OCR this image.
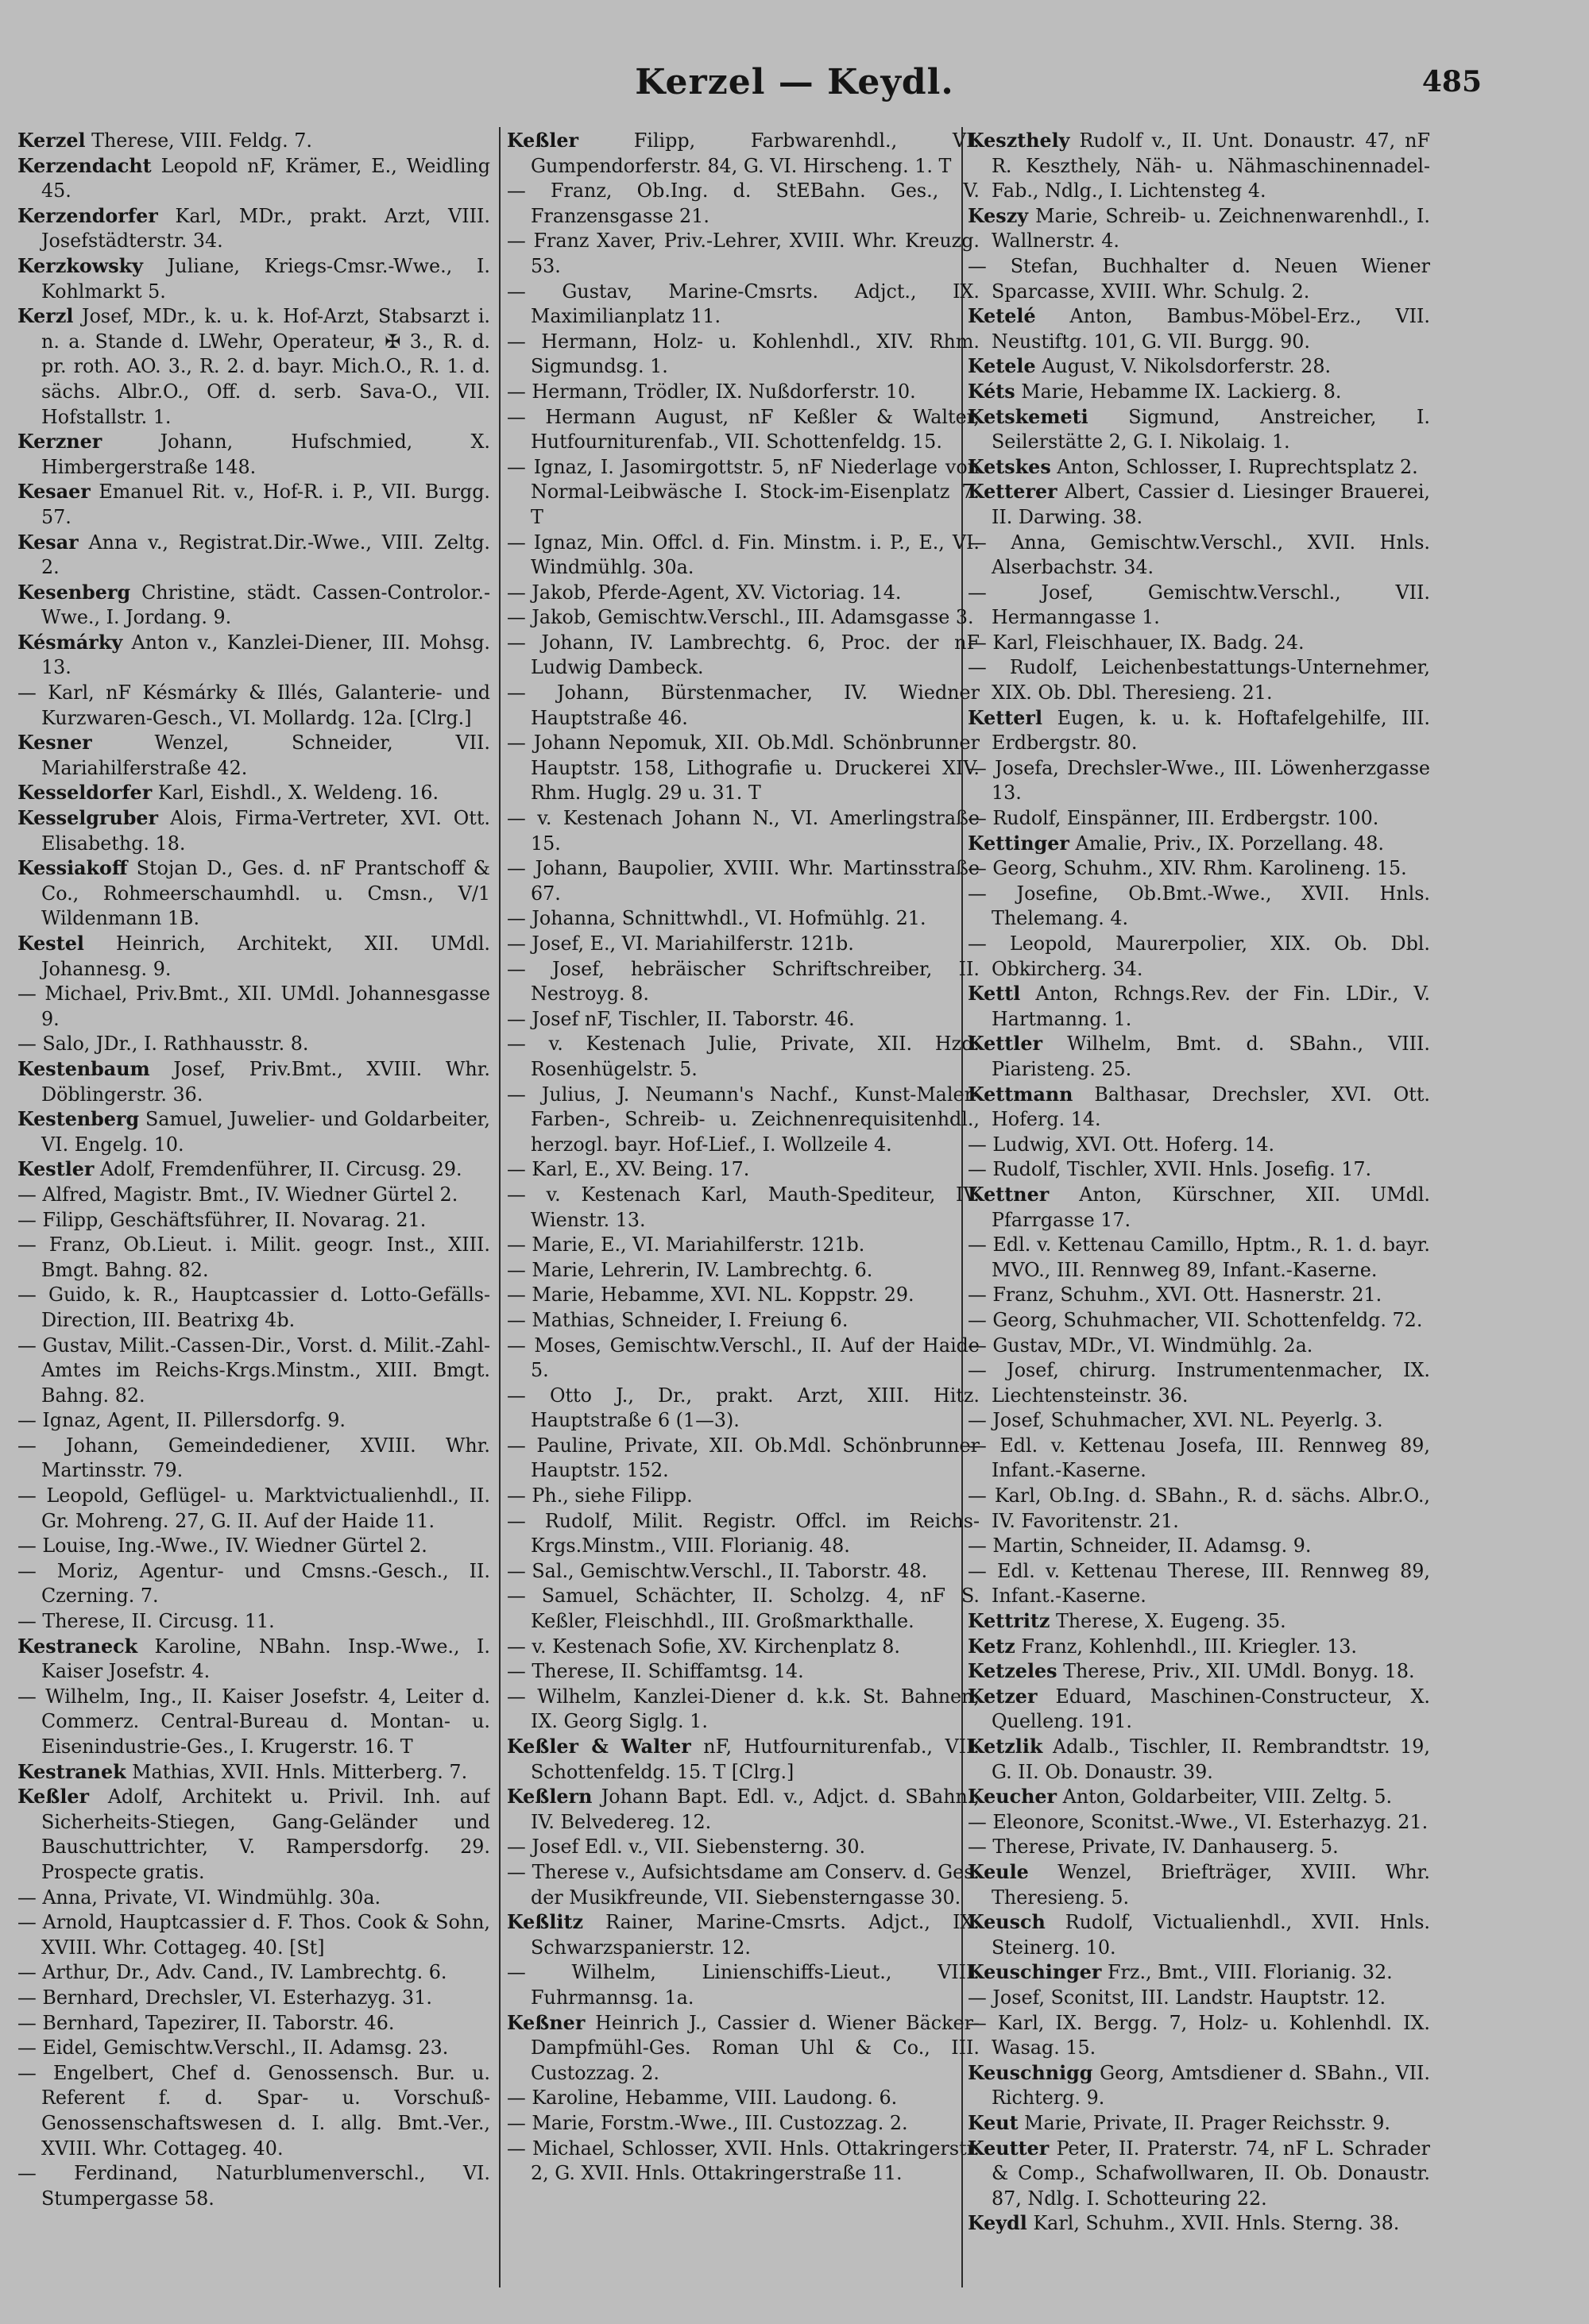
Kerzel — Keydl.	485

Kerzel Therese, VIII. Feldg. 7.

Kerzendacht Leopold nF, Krämer, E., Weidling 45.

Kerzendorfer Karl, MDr., prakt. Arzt, VIII. Josefstädterstr. 34.

Kerzkowsky Juliane, Kriegs-Cmsr.-Wwe., I. Kohlmarkt 5.

Kerzl Josef, MDr., k. u. k. Hof-Arzt, Stabsarzt i. n. a. Stande d. LWehr, Operateur, ✠ 3., R. d. pr. roth. AO. 3., R. 2. d. bayr. Mich.O., R. 1. d. sächs. Albr.O., Off. d. serb. Sava-O., VII. Hofstallstr. 1.

Kerzner Johann, Hufschmied, X. Himbergerstraße 148.

Kesaer Emanuel Rit. v., Hof-R. i. P., VII. Burgg. 57.

Kesar Anna v., Registrat.Dir.-Wwe., VIII. Zeltg. 2.

Kesenberg Christine, städt. Cassen-Controlor.-Wwe., I. Jordang. 9.

Késmárky Anton v., Kanzlei-Diener, III. Mohsg. 13.

— Karl, nF Késmárky & Illés, Galanterie- und Kurzwaren-Gesch., VI. Mollardg. 12a. [Clrg.]

Kesner Wenzel, Schneider, VII. Mariahilferstraße 42.

Kesseldorfer Karl, Eishdl., X. Weldeng. 16.

Kesselgruber Alois, Firma-Vertreter, XVI. Ott. Elisabethg. 18.

Kessiakoff Stojan D., Ges. d. nF Prantschoff & Co., Rohmeerschaumhdl. u. Cmsn., V/1 Wildenmann 1B.

Kestel Heinrich, Architekt, XII. UMdl. Johannesg. 9.

— Michael, Priv.Bmt., XII. UMdl. Johannesgasse 9.

— Salo, JDr., I. Rathhausstr. 8.

Kestenbaum Josef, Priv.Bmt., XVIII. Whr. Döblingerstr. 36.

Kestenberg Samuel, Juwelier- und Goldarbeiter, VI. Engelg. 10.

Kestler Adolf, Fremdenführer, II. Circusg. 29.

— Alfred, Magistr. Bmt., IV. Wiedner Gürtel 2.

— Filipp, Geschäftsführer, II. Novarag. 21.

— Franz, Ob.Lieut. i. Milit. geogr. Inst., XIII. Bmgt. Bahng. 82.

— Guido, k. R., Hauptcassier d. Lotto-Gefälls-Direction, III. Beatrixg 4b.

— Gustav, Milit.-Cassen-Dir., Vorst. d. Milit.-Zahl-Amtes im Reichs-Krgs.Minstm., XIII. Bmgt. Bahng. 82.

— Ignaz, Agent, II. Pillersdorfg. 9.

— Johann, Gemeindediener, XVIII. Whr. Martinsstr. 79.

— Leopold, Geflügel- u. Marktvictualienhdl., II. Gr. Mohreng. 27, G. II. Auf der Haide 11.

— Louise, Ing.-Wwe., IV. Wiedner Gürtel 2.

— Moriz, Agentur- und Cmsns.-Gesch., II. Czerning. 7.

— Therese, II. Circusg. 11.

Kestraneck Karoline, NBahn. Insp.-Wwe., I. Kaiser Josefstr. 4.

— Wilhelm, Ing., II. Kaiser Josefstr. 4, Leiter d. Commerz. Central-Bureau d. Montan- u. Eisenindustrie-Ges., I. Krugerstr. 16. T

Kestranek Mathias, XVII. Hnls. Mitterberg. 7.

Keßler Adolf, Architekt u. Privil. Inh. auf Sicherheits-Stiegen, Gang-Geländer und Bauschuttrichter, V. Rampersdorfg. 29. Prospecte gratis.

— Anna, Private, VI. Windmühlg. 30a.

— Arnold, Hauptcassier d. F. Thos. Cook & Sohn, XVIII. Whr. Cottageg. 40. [St]

— Arthur, Dr., Adv. Cand., IV. Lambrechtg. 6.

— Bernhard, Drechsler, VI. Esterhazyg. 31.

— Bernhard, Tapezirer, II. Taborstr. 46.

— Eidel, Gemischtw.Verschl., II. Adamsg. 23.

— Engelbert, Chef d. Genossensch. Bur. u. Referent f. d. Spar- u. Vorschuß-Genossenschaftswesen d. I. allg. Bmt.-Ver., XVIII. Whr. Cottageg. 40.

— Ferdinand, Naturblumenverschl., VI. Stumpergasse 58.

Keßler Filipp, Farbwarenhdl., VI. Gumpendorferstr. 84, G. VI. Hirscheng. 1. T

— Franz, Ob.Ing. d. StEBahn. Ges., V. Franzensgasse 21.

— Franz Xaver, Priv.-Lehrer, XVIII. Whr. Kreuzg. 53.

— Gustav, Marine-Cmsrts. Adjct., IX. Maximilianplatz 11.

— Hermann, Holz- u. Kohlenhdl., XIV. Rhm. Sigmundsg. 1.

— Hermann, Trödler, IX. Nußdorferstr. 10.

— Hermann August, nF Keßler & Walter, Hutfourniturenfab., VII. Schottenfeldg. 15.

— Ignaz, I. Jasomirgottstr. 5, nF Niederlage von Normal-Leibwäsche I. Stock-im-Eisenplatz 7. T

— Ignaz, Min. Offcl. d. Fin. Minstm. i. P., E., VI. Windmühlg. 30a.

— Jakob, Pferde-Agent, XV. Victoriag. 14.

— Jakob, Gemischtw.Verschl., III. Adamsgasse 3.

— Johann, IV. Lambrechtg. 6, Proc. der nF Ludwig Dambeck.

— Johann, Bürstenmacher, IV. Wiedner Hauptstraße 46.

— Johann Nepomuk, XII. Ob.Mdl. Schönbrunner Hauptstr. 158, Lithografie u. Druckerei XIV. Rhm. Huglg. 29 u. 31. T

— v. Kestenach Johann N., VI. Amerlingstraße 15.

— Johann, Baupolier, XVIII. Whr. Martinsstraße 67.

— Johanna, Schnittwhdl., VI. Hofmühlg. 21.

— Josef, E., VI. Mariahilferstr. 121b.

— Josef, hebräischer Schriftschreiber, II. Nestroyg. 8.

— Josef nF, Tischler, II. Taborstr. 46.

— v. Kestenach Julie, Private, XII. Hzd. Rosenhügelstr. 5.

— Julius, J. Neumann's Nachf., Kunst-Maler-Farben-, Schreib- u. Zeichnenrequisitenhdl., herzogl. bayr. Hof-Lief., I. Wollzeile 4.

— Karl, E., XV. Being. 17.

— v. Kestenach Karl, Mauth-Spediteur, IV. Wienstr. 13.

— Marie, E., VI. Mariahilferstr. 121b.

— Marie, Lehrerin, IV. Lambrechtg. 6.

— Marie, Hebamme, XVI. NL. Koppstr. 29.

— Mathias, Schneider, I. Freiung 6.

— Moses, Gemischtw.Verschl., II. Auf der Haide 5.

— Otto J., Dr., prakt. Arzt, XIII. Hitz. Hauptstraße 6 (1—3).

— Pauline, Private, XII. Ob.Mdl. Schönbrunner Hauptstr. 152.

— Ph., siehe Filipp.

— Rudolf, Milit. Registr. Offcl. im Reichs-Krgs.Minstm., VIII. Florianig. 48.

— Sal., Gemischtw.Verschl., II. Taborstr. 48.

— Samuel, Schächter, II. Scholzg. 4, nF S. Keßler, Fleischhdl., III. Großmarkthalle.

— v. Kestenach Sofie, XV. Kirchenplatz 8.

— Therese, II. Schiffamtsg. 14.

— Wilhelm, Kanzlei-Diener d. k.k. St. Bahnen, IX. Georg Siglg. 1.

Keßler & Walter nF, Hutfourniturenfab., VII. Schottenfeldg. 15. T [Clrg.]

Keßlern Johann Bapt. Edl. v., Adjct. d. SBahn., IV. Belvedereg. 12.

— Josef Edl. v., VII. Siebensterng. 30.

— Therese v., Aufsichtsdame am Conserv. d. Ges. der Musikfreunde, VII. Siebensterngasse 30.

Keßlitz Rainer, Marine-Cmsrts. Adjct., IX. Schwarzspanierstr. 12.

— Wilhelm, Linienschiffs-Lieut., VIII. Fuhrmannsg. 1a.

Keßner Heinrich J., Cassier d. Wiener Bäcker-Dampfmühl-Ges. Roman Uhl & Co., III. Custozzag. 2.

— Karoline, Hebamme, VIII. Laudong. 6.

— Marie, Forstm.-Wwe., III. Custozzag. 2.

— Michael, Schlosser, XVII. Hnls. Ottakringerstr. 2, G. XVII. Hnls. Ottakringerstraße 11.

Keszthely Rudolf v., II. Unt. Donaustr. 47, nF R. Keszthely, Näh- u. Nähmaschinennadel-Fab., Ndlg., I. Lichtensteg 4.

Keszy Marie, Schreib- u. Zeichnenwarenhdl., I. Wallnerstr. 4.

— Stefan, Buchhalter d. Neuen Wiener Sparcasse, XVIII. Whr. Schulg. 2.

Ketelé Anton, Bambus-Möbel-Erz., VII. Neustiftg. 101, G. VII. Burgg. 90.

Ketele August, V. Nikolsdorferstr. 28.

Kéts Marie, Hebamme IX. Lackierg. 8.

Ketskemeti Sigmund, Anstreicher, I. Seilerstätte 2, G. I. Nikolaig. 1.

Ketskes Anton, Schlosser, I. Ruprechtsplatz 2.

Ketterer Albert, Cassier d. Liesinger Brauerei, II. Darwing. 38.

— Anna, Gemischtw.Verschl., XVII. Hnls. Alserbachstr. 34.

— Josef, Gemischtw.Verschl., VII. Hermanngasse 1.

— Karl, Fleischhauer, IX. Badg. 24.

— Rudolf, Leichenbestattungs-Unternehmer, XIX. Ob. Dbl. Theresieng. 21.

Ketterl Eugen, k. u. k. Hoftafelgehilfe, III. Erdbergstr. 80.

— Josefa, Drechsler-Wwe., III. Löwenherzgasse 13.

— Rudolf, Einspänner, III. Erdbergstr. 100.

Kettinger Amalie, Priv., IX. Porzellang. 48.

— Georg, Schuhm., XIV. Rhm. Karolineng. 15.

— Josefine, Ob.Bmt.-Wwe., XVII. Hnls. Thelemang. 4.

— Leopold, Maurerpolier, XIX. Ob. Dbl. Obkircherg. 34.

Kettl Anton, Rchngs.Rev. der Fin. LDir., V. Hartmanng. 1.

Kettler Wilhelm, Bmt. d. SBahn., VIII. Piaristeng. 25.

Kettmann Balthasar, Drechsler, XVI. Ott. Hoferg. 14.

— Ludwig, XVI. Ott. Hoferg. 14.

— Rudolf, Tischler, XVII. Hnls. Josefig. 17.

Kettner Anton, Kürschner, XII. UMdl. Pfarrgasse 17.

— Edl. v. Kettenau Camillo, Hptm., R. 1. d. bayr. MVO., III. Rennweg 89, Infant.-Kaserne.

— Franz, Schuhm., XVI. Ott. Hasnerstr. 21.

— Georg, Schuhmacher, VII. Schottenfeldg. 72.

— Gustav, MDr., VI. Windmühlg. 2a.

— Josef, chirurg. Instrumentenmacher, IX. Liechtensteinstr. 36.

— Josef, Schuhmacher, XVI. NL. Peyerlg. 3.

— Edl. v. Kettenau Josefa, III. Rennweg 89, Infant.-Kaserne.

— Karl, Ob.Ing. d. SBahn., R. d. sächs. Albr.O., IV. Favoritenstr. 21.

— Martin, Schneider, II. Adamsg. 9.

— Edl. v. Kettenau Therese, III. Rennweg 89, Infant.-Kaserne.

Kettritz Therese, X. Eugeng. 35.

Ketz Franz, Kohlenhdl., III. Kriegler. 13.

Ketzeles Therese, Priv., XII. UMdl. Bonyg. 18.

Ketzer Eduard, Maschinen-Constructeur, X. Quelleng. 191.

Ketzlik Adalb., Tischler, II. Rembrandtstr. 19, G. II. Ob. Donaustr. 39.

Keucher Anton, Goldarbeiter, VIII. Zeltg. 5.

— Eleonore, Sconitst.-Wwe., VI. Esterhazyg. 21.

— Therese, Private, IV. Danhauserg. 5.

Keule Wenzel, Briefträger, XVIII. Whr. Theresieng. 5.

Keusch Rudolf, Victualienhdl., XVII. Hnls. Steinerg. 10.

Keuschinger Frz., Bmt., VIII. Florianig. 32.

— Josef, Sconitst, III. Landstr. Hauptstr. 12.

— Karl, IX. Bergg. 7, Holz- u. Kohlenhdl. IX. Wasag. 15.

Keuschnigg Georg, Amtsdiener d. SBahn., VII. Richterg. 9.

Keut Marie, Private, II. Prager Reichsstr. 9.

Keutter Peter, II. Praterstr. 74, nF L. Schrader & Comp., Schafwollwaren, II. Ob. Donaustr. 87, Ndlg. I. Schotteuring 22.

Keydl Karl, Schuhm., XVII. Hnls. Sterng. 38.
